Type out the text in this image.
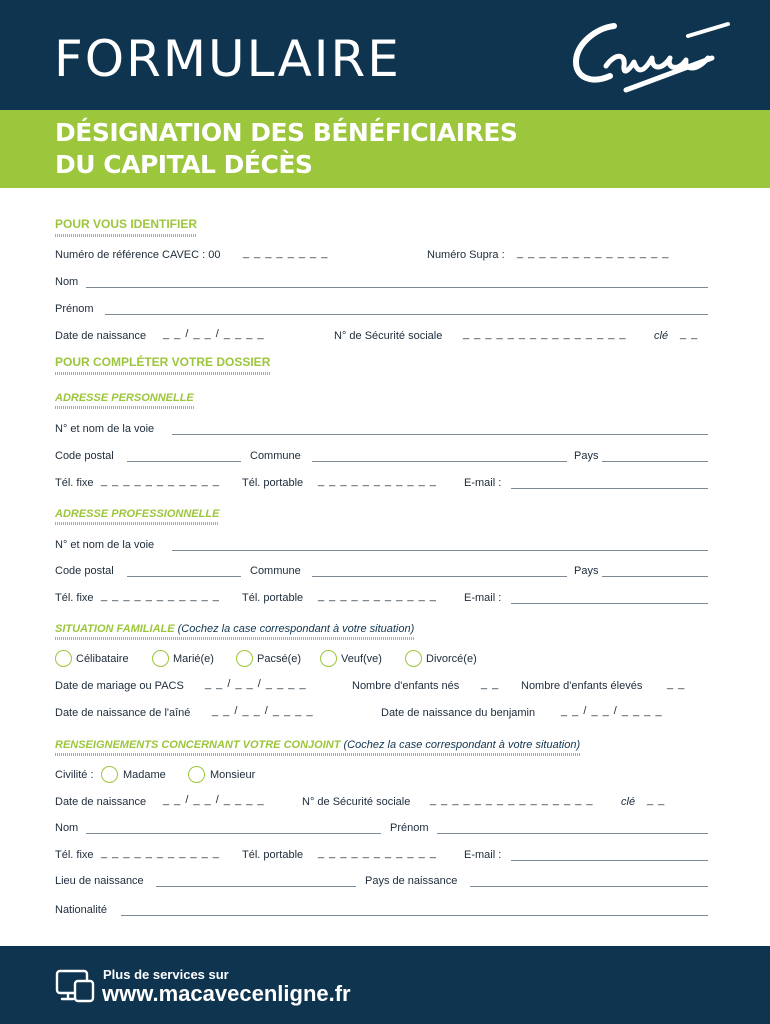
FORMULAIRE
DÉSIGNATION DES BÉNÉFICIAIRES
DU CAPITAL DÉCÈS
POUR VOUS IDENTIFIER
Numéro de référence CAVEC : 00 _ _ _ _ _ _ _ _	Numéro Supra : _ _ _ _ _ _ _ _ _ _ _ _ _ _
Nom
Prénom
Date de naissance _ _ / _ _ / _ _ _ _	N° de Sécurité sociale _ _ _ _ _ _ _ _ _ _ _ _ _ _ _ clé _ _
POUR COMPLÉTER VOTRE DOSSIER
ADRESSE PERSONNELLE
N° et nom de la voie
Code postal	Commune	Pays
Tél. fixe _ _ _ _ _ _ _ _ _ _ _ Tél. portable _ _ _ _ _ _ _ _ _ _ _ E-mail :
ADRESSE PROFESSIONNELLE
N° et nom de la voie
Code postal	Commune	Pays
Tél. fixe _ _ _ _ _ _ _ _ _ _ _ Tél. portable _ _ _ _ _ _ _ _ _ _ _ E-mail :
SITUATION FAMILIALE (Cochez la case correspondant à votre situation)
Célibataire	Marié(e)	Pacsé(e)	Veuf(ve)	Divorcé(e)
Date de mariage ou PACS _ _ / _ _ / _ _ _ _	Nombre d'enfants nés _ _ Nombre d'enfants élevés _ _
Date de naissance de l'aîné _ _ / _ _ / _ _ _ _	Date de naissance du benjamin _ _ / _ _ / _ _ _ _
RENSEIGNEMENTS CONCERNANT VOTRE CONJOINT (Cochez la case correspondant à votre situation)
Civilité :	Madame	Monsieur
Date de naissance _ _ / _ _ / _ _ _ _	N° de Sécurité sociale _ _ _ _ _ _ _ _ _ _ _ _ _ _ _ clé _ _
Nom	Prénom
Tél. fixe _ _ _ _ _ _ _ _ _ _ _ Tél. portable _ _ _ _ _ _ _ _ _ _ _ E-mail :
Lieu de naissance	Pays de naissance
Nationalité
Plus de services sur
www.macavecenligne.fr
